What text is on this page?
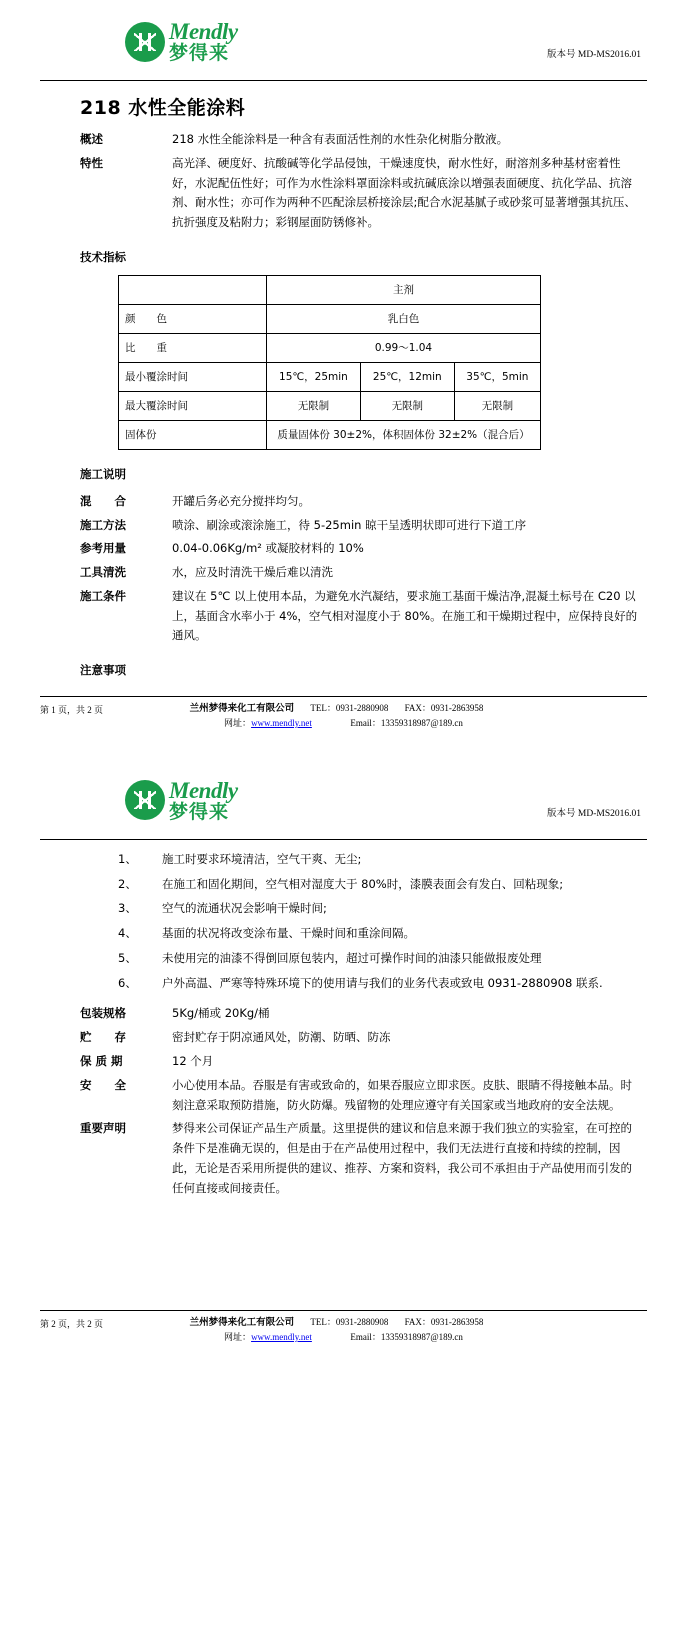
Mendly
梦得来	版本号 MD-MS2016.01
218 水性全能涂料
概述	218 水性全能涂料是一种含有表面活性剂的水性杂化树脂分散液。
特性	高光泽、硬度好、抗酸碱等化学品侵蚀，干燥速度快，耐水性好，耐溶剂多种基材密着性好，水泥配伍性好；可作为水性涂料罩面涂料或抗碱底涂以增强表面硬度、抗化学品、抗溶剂、耐水性；亦可作为两种不匹配涂层桥接涂层;配合水泥基腻子或砂浆可显著增强其抗压、抗折强度及粘附力；彩钢屋面防锈修补。
技术指标
	主剂		
颜　　色	乳白色		
比　　重	0.99～1.04		
最小覆涂时间	15℃，25min	25℃，12min	35℃，5min
最大覆涂时间	无限制	无限制	无限制
固体份	质量固体份 30±2%，体积固体份 32±2%（混合后）		
施工说明
混　　合	开罐后务必充分搅拌均匀。
施工方法	喷涂、刷涂或滚涂施工，待 5-25min 晾干呈透明状即可进行下道工序
参考用量	0.04-0.06Kg/m² 或凝胶材料的 10%
工具清洗	水，应及时清洗干燥后难以清洗
施工条件	建议在 5℃ 以上使用本品，为避免水汽凝结，要求施工基面干燥洁净,混凝土标号在 C20 以上，基面含水率小于 4%，空气相对湿度小于 80%。在施工和干燥期过程中，应保持良好的通风。
注意事项
第 1 页，共 2 页	兰州梦得来化工有限公司 TEL：0931-2880908 FAX：0931-2863958
网址：www.mendly.net	Email：13359318987@189.cn
Mendly
梦得来	版本号 MD-MS2016.01
1、	施工时要求环境清洁，空气干爽、无尘;
2、	在施工和固化期间，空气相对湿度大于 80%时，漆膜表面会有发白、回粘现象;
3、	空气的流通状况会影响干燥时间;
4、	基面的状况将改变涂布量、干燥时间和重涂间隔。
5、	未使用完的油漆不得倒回原包装内，超过可操作时间的油漆只能做报废处理
6、	户外高温、严寒等特殊环境下的使用请与我们的业务代表或致电 0931-2880908 联系.
包装规格	5Kg/桶或 20Kg/桶
贮　　存	密封贮存于阴凉通风处，防潮、防晒、防冻
保 质 期	12 个月
安　　全	小心使用本品。吞服是有害或致命的，如果吞服应立即求医。皮肤、眼睛不得接触本品。时刻注意采取预防措施，防火防爆。残留物的处理应遵守有关国家或当地政府的安全法规。
重要声明	梦得来公司保证产品生产质量。这里提供的建议和信息来源于我们独立的实验室，在可控的条件下是准确无误的，但是由于在产品使用过程中，我们无法进行直接和持续的控制，因此，无论是否采用所提供的建议、推荐、方案和资料，我公司不承担由于产品使用而引发的任何直接或间接责任。
第 2 页，共 2 页	兰州梦得来化工有限公司 TEL：0931-2880908 FAX：0931-2863958
网址：www.mendly.net	Email：13359318987@189.cn
